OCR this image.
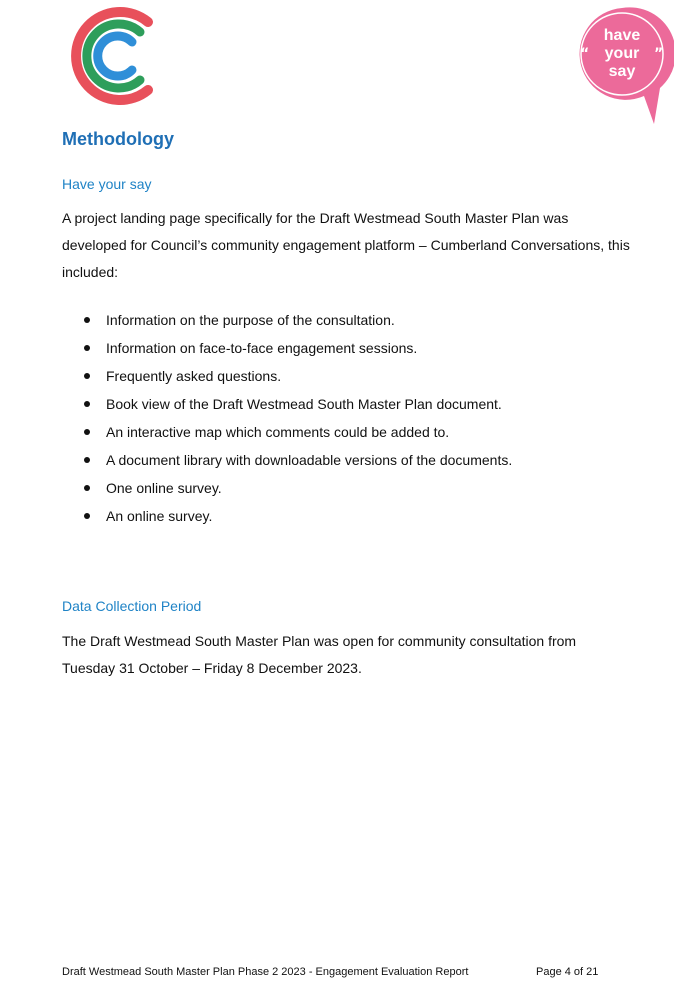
“	”
have
your
say
Methodology
Have your say

A project landing page specifically for the Draft Westmead South Master Plan was developed for Council’s community engagement platform – Cumberland Conversations, this included:

Information on the purpose of the consultation.
Information on face-to-face engagement sessions.
Frequently asked questions.
Book view of the Draft Westmead South Master Plan document.
An interactive map which comments could be added to.
A document library with downloadable versions of the documents.
One online survey.
An online survey.
Data Collection Period

The Draft Westmead South Master Plan was open for community consultation from Tuesday 31 October – Friday 8 December 2023.

Draft Westmead South Master Plan Phase 2 2023 - Engagement Evaluation Report	Page 4 of 21
